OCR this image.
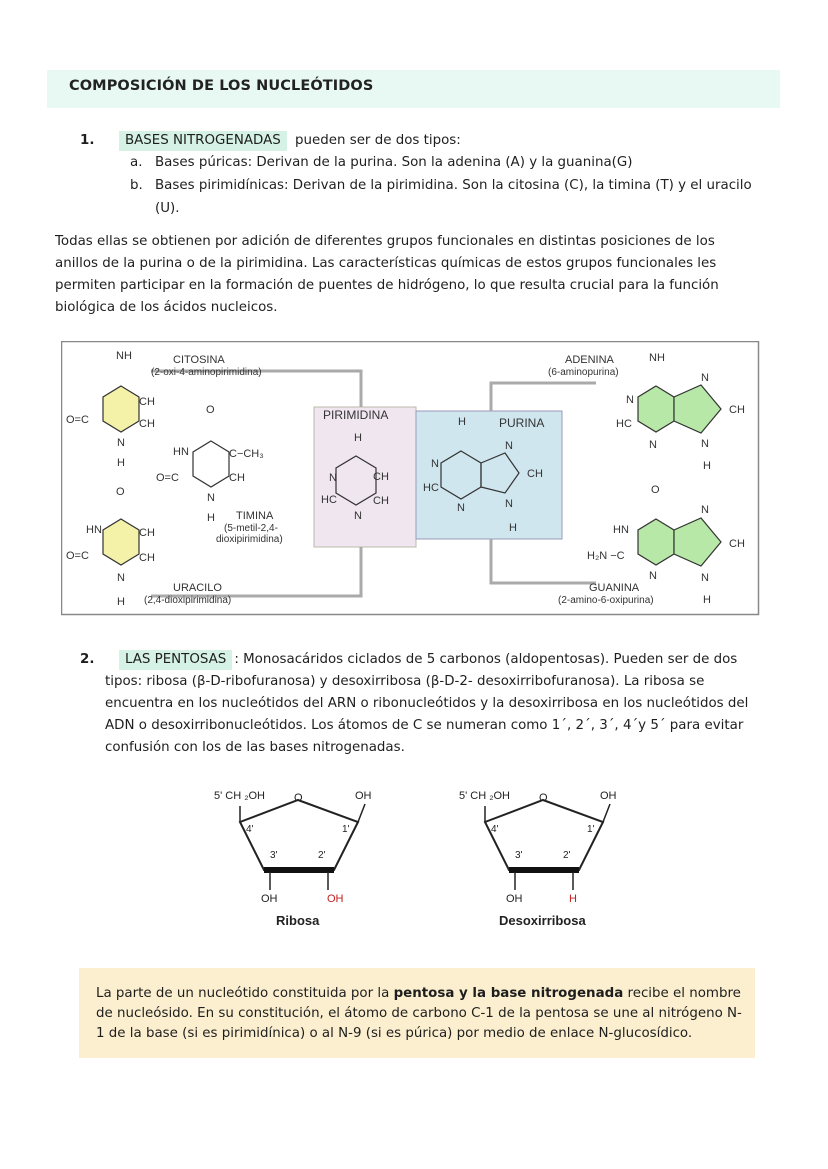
COMPOSICIÓN DE LOS NUCLEÓTIDOS
1. BASES NITROGENADAS pueden ser de dos tipos:
a. Bases púricas: Derivan de la purina. Son la adenina (A) y la guanina(G)
b. Bases pirimidínicas: Derivan de la pirimidina. Son la citosina (C), la timina (T) y el uracilo
(U).
Todas ellas se obtienen por adición de diferentes grupos funcionales en distintas posiciones de los
anillos de la purina o de la pirimidina. Las características químicas de estos grupos funcionales les
permiten participar en la formación de puentes de hidrógeno, lo que resulta crucial para la función
biológica de los ácidos nucleicos.
PIRIMIDINA
H
N	CH
HC	CH
N
PURINA
H
N
HC
N
N
CH
N
H
NH
CH
CH
O=C
N
H
CITOSINA
(2-oxi-4-aminopirimidina)
O
HN	C−CH₃
O=C	CH
N
H TIMINA
(5-metil-2,4-
dioxipirimidina)
O
HN	CH
O=C	CH
N
H
URACILO
(2,4-dioxipirimidina)
NH
N
HC
N
N
CH
N
H
ADENINA
(6-aminopurina)
O
HN
H₂N −C
N
N
CH
N
H
GUANINA
(2-amino-6-oxipurina)
2. LAS PENTOSAS : Monosacáridos ciclados de 5 carbonos (aldopentosas). Pueden ser de dos
tipos: ribosa (β-D-ribofuranosa) y desoxirribosa (β-D-2- desoxirribofuranosa). La ribosa se
encuentra en los nucleótidos del ARN o ribonucleótidos y la desoxirribosa en los nucleótidos del
ADN o desoxirribonucleótidos. Los átomos de C se numeran como 1´, 2´, 3´, 4´y 5´ para evitar
confusión con los de las bases nitrogenadas.
5' CH ₂OH	O	OH
4'	1'
3'	2'
OH	OH
Ribosa
5' CH ₂OH	O	OH
4'	1'
3'	2'
OH	H
Desoxirribosa
La parte de un nucleótido constituida por la pentosa y la base nitrogenada recibe el nombre de nucleósido. En su constitución, el átomo de carbono C-1 de la pentosa se une al nitrógeno N-1 de la base (si es pirimidínica) o al N-9 (si es púrica) por medio de enlace N-glucosídico.
